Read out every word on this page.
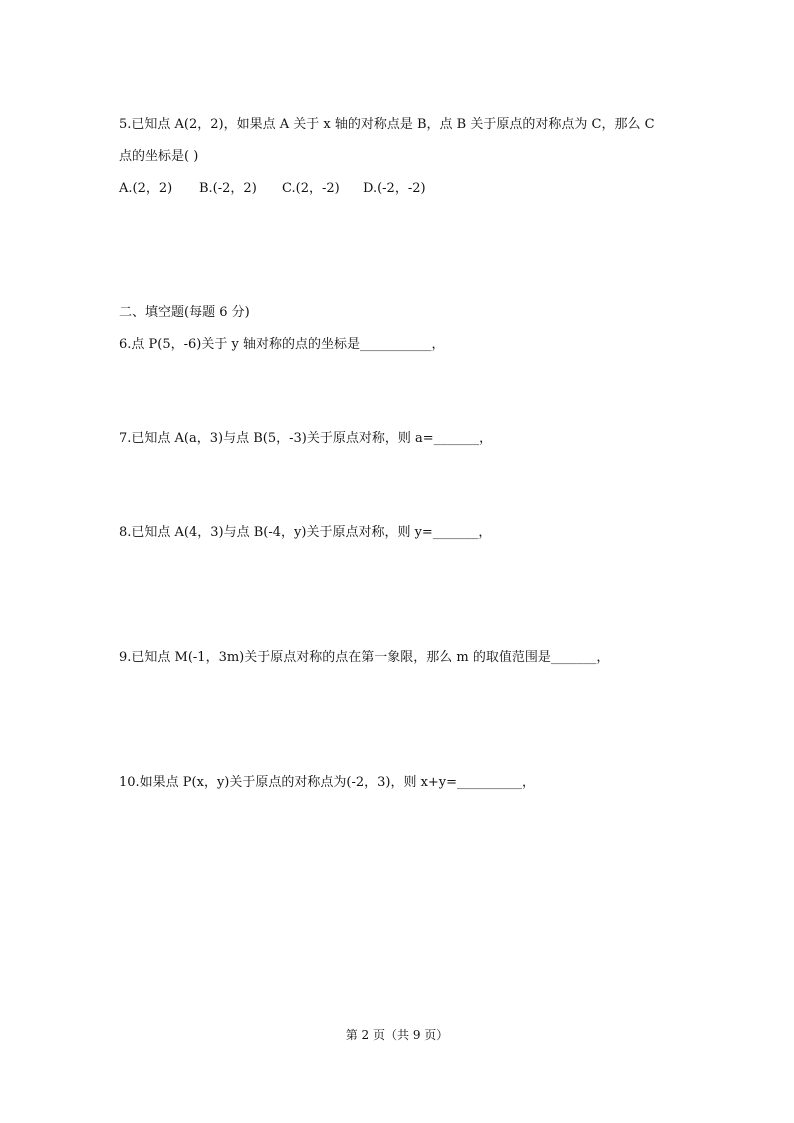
5.已知点 A(2，2)，如果点 A 关于 x 轴的对称点是 B，点 B 关于原点的对称点为 C，那么 C
点的坐标是( )
A.(2，2) B.(-2，2) C.(2，-2) D.(-2，-2)
二、填空题(每题 6 分)
6.点 P(5，-6)关于 y 轴对称的点的坐标是___________，
7.已知点 A(a，3)与点 B(5，-3)关于原点对称，则 a=_______，
8.已知点 A(4，3)与点 B(-4，y)关于原点对称，则 y=_______，
9.已知点 M(-1，3m)关于原点对称的点在第一象限，那么 m 的取值范围是_______，
10.如果点 P(x，y)关于原点的对称点为(-2，3)，则 x+y=__________，
第 2 页（共 9 页）
